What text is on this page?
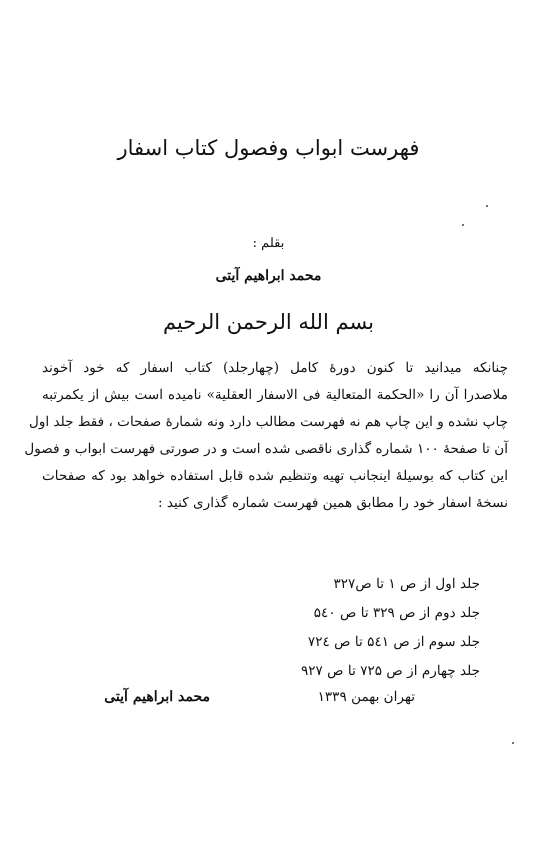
فهرست ابواب وفصول کتاب اسفار
بقلم :
محمد ابراهیم آیتی
بسم الله الرحمن الرحیم

چنانکه میدانید تا کنون دورهٔ کامل (چهارجلد) کتاب اسفار که خود آخوند

ملاصدرا آن را «الحکمة المتعالیة فی الاسفار العقلیة» نامیده است بیش از یکمرتبه

چاپ نشده و این چاپ هم نه فهرست مطالب دارد ونه شمارهٔ صفحات ، فقط جلد اول

آن تا صفحهٔ ۱۰۰ شماره گذاری ناقصی شده است و در صورتی فهرست ابواب و فصول

این کتاب که بوسیلهٔ اینجانب تهیه وتنظیم شده قابل استفاده خواهد بود که صفحات

نسخهٔ اسفار خود را مطابق همین فهرست شماره گذاری کنید :

جلد اول از ص ۱ تا ص۳۲۷
جلد دوم از ص ۳۲۹ تا ص ۵٤۰
جلد سوم از ص ۵٤۱ تا ص ۷۲٤
جلد چهارم از ص ۷۲۵ تا ص ۹۲۷
تهران بهمن ۱۳۳۹
محمد ابراهیم آیتی
